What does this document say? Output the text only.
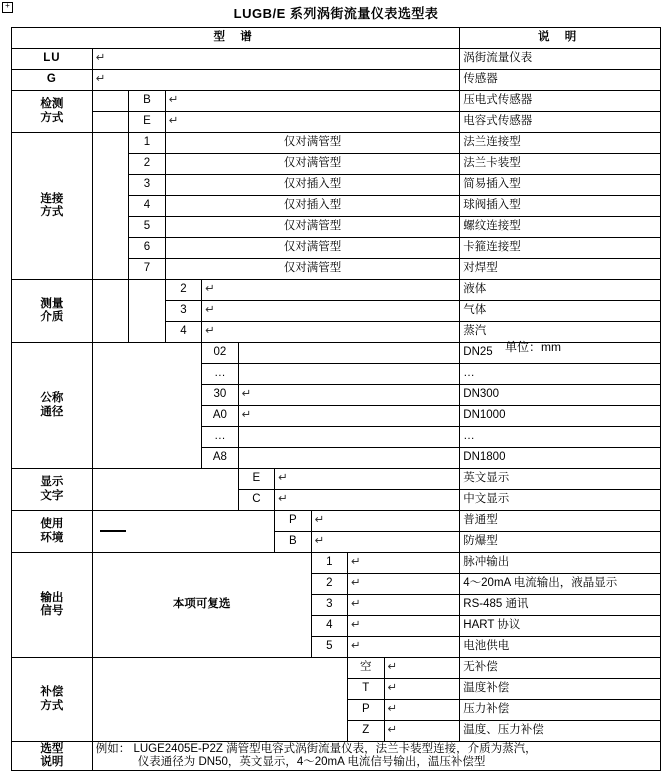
+
LUGB/E 系列涡街流量仪表选型表
型 谱										说 明
LU	↵									涡街流量仪表
G	↵									传感器
检测
方式		B	↵							压电式传感器
		E	↵							电容式传感器
连接
方式		1	仅对满管型							法兰连接型
		2	仅对满管型							法兰卡装型
		3	仅对插入型							简易插入型
		4	仅对插入型							球阀插入型
		5	仅对满管型							螺纹连接型
		6	仅对满管型							卡箍连接型
		7	仅对满管型							对焊型
测量
介质			2	↵						液体
			3	↵						气体
			4	↵						蒸汽
公称
通径				02						DN25
				…						…
				30	↵					DN300
				A0	↵					DN1000
				…						…
				A8						DN1800
显示
文字					E	↵				英文显示
					C	↵				中文显示
使用
环境						P	↵			普通型
						B	↵			防爆型
输出
信号	本项可复选						1	↵		脉冲输出
							2	↵		4～20mA 电流输出，液晶显示
							3	↵		RS-485 通讯
							4	↵		HART 协议
							5	↵		电池供电
补偿
方式								空	↵	无补偿
								T	↵	温度补偿
								P	↵	压力补偿
								Z	↵	温度、压力补偿
选型
说明	
例如： LUGE2405E-P2Z 满管型电容式涡街流量仪表，法兰卡装型连接，介质为蒸汽，
仪表通径为 DN50，英文显示，4～20mA 电流信号输出，温压补偿型
单位：mm
